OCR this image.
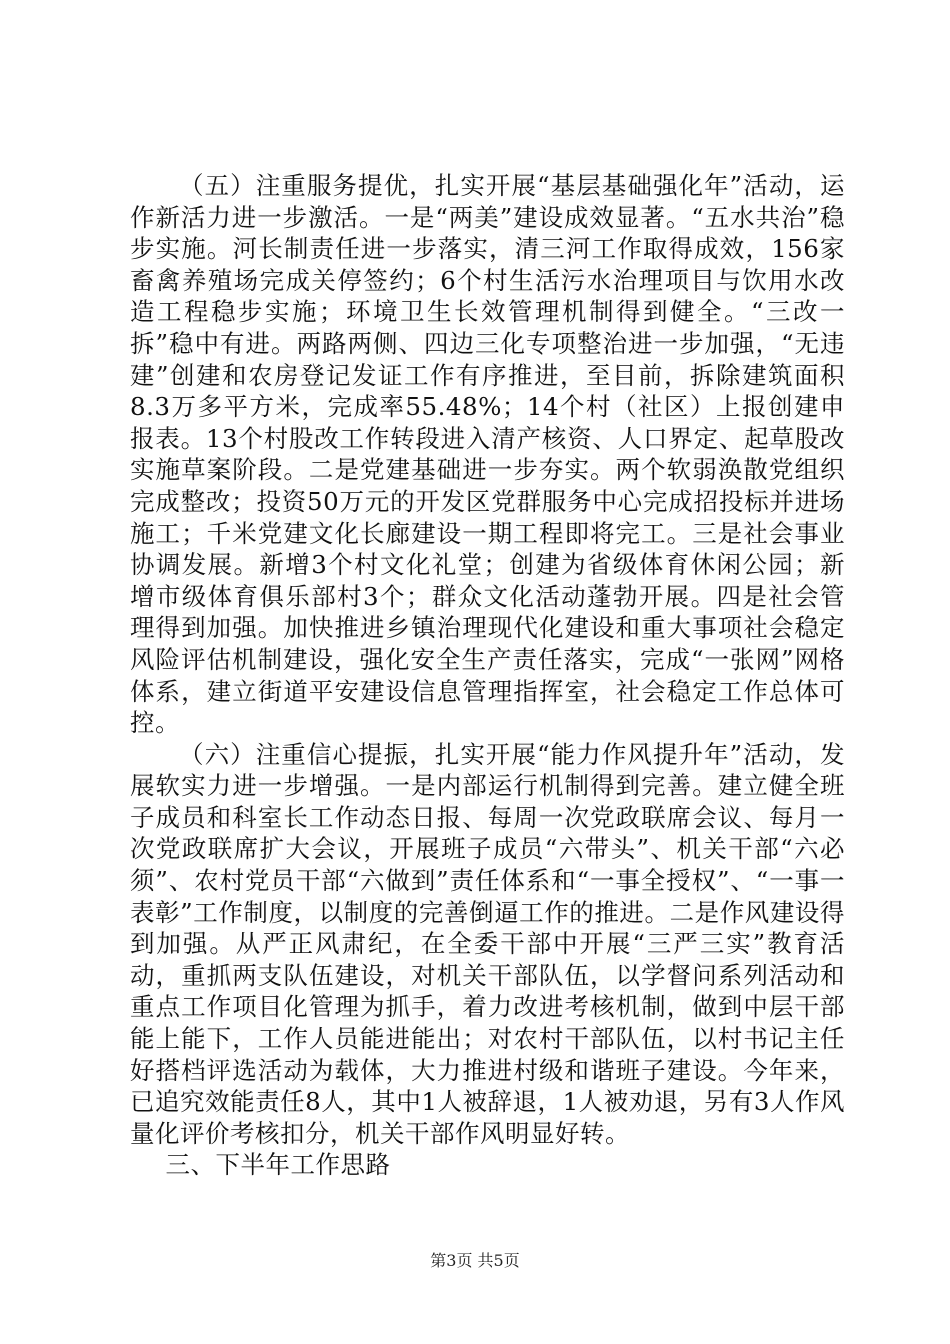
（五）注重服务提优，扎实开展“基层基础强化年”活动，运作新活力进一步激活。一是“两美”建设成效显著。“五水共治”稳步实施。河长制责任进一步落实，清三河工作取得成效，156家畜禽养殖场完成关停签约；6个村生活污水治理项目与饮用水改造工程稳步实施；环境卫生长效管理机制得到健全。“三改一拆”稳中有进。两路两侧、四边三化专项整治进一步加强，“无违建”创建和农房登记发证工作有序推进，至目前，拆除建筑面积8.3万多平方米，完成率55.48%；14个村（社区）上报创建申报表。13个村股改工作转段进入清产核资、人口界定、起草股改实施草案阶段。二是党建基础进一步夯实。两个软弱涣散党组织完成整改；投资50万元的开发区党群服务中心完成招投标并进场施工；千米党建文化长廊建设一期工程即将完工。三是社会事业协调发展。新增3个村文化礼堂；创建为省级体育休闲公园；新增市级体育俱乐部村3个；群众文化活动蓬勃开展。四是社会管理得到加强。加快推进乡镇治理现代化建设和重大事项社会稳定风险评估机制建设，强化安全生产责任落实，完成“一张网”网格体系，建立街道平安建设信息管理指挥室，社会稳定工作总体可控。

（六）注重信心提振，扎实开展“能力作风提升年”活动，发展软实力进一步增强。一是内部运行机制得到完善。建立健全班子成员和科室长工作动态日报、每周一次党政联席会议、每月一次党政联席扩大会议，开展班子成员“六带头”、机关干部“六必须”、农村党员干部“六做到”责任体系和“一事全授权”、“一事一表彰”工作制度，以制度的完善倒逼工作的推进。二是作风建设得到加强。从严正风肃纪，在全委干部中开展“三严三实”教育活动，重抓两支队伍建设，对机关干部队伍，以学督问系列活动和重点工作项目化管理为抓手，着力改进考核机制，做到中层干部能上能下，工作人员能进能出；对农村干部队伍，以村书记主任好搭档评选活动为载体，大力推进村级和谐班子建设。今年来，已追究效能责任8人，其中1人被辞退，1人被劝退，另有3人作风量化评价考核扣分，机关干部作风明显好转。

三、下半年工作思路

第3页 共5页
